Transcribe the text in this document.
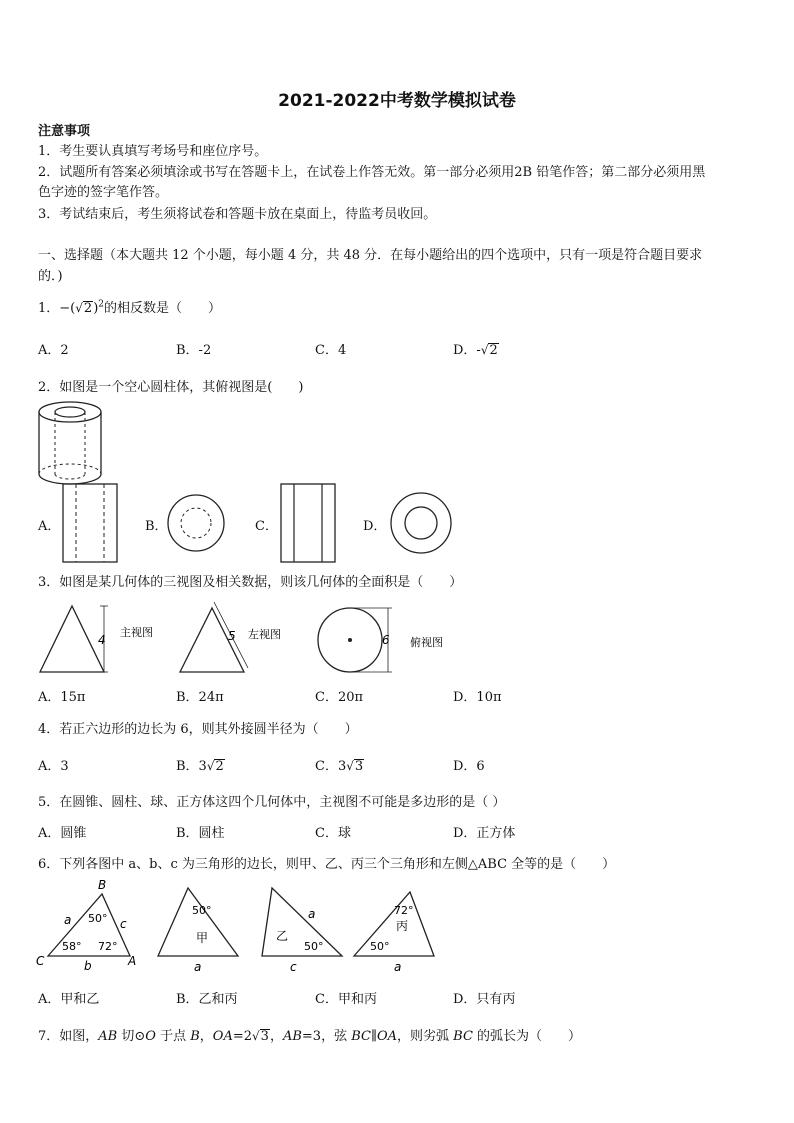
2021-2022中考数学模拟试卷
注意事项
1．考生要认真填写考场号和座位序号。
2．试题所有答案必须填涂或书写在答题卡上，在试卷上作答无效。第一部分必须用2B 铅笔作答；第二部分必须用黑
色字迹的签字笔作答。
3．考试结束后，考生须将试卷和答题卡放在桌面上，待监考员收回。
一、选择题（本大题共 12 个小题，每小题 4 分，共 48 分．在每小题给出的四个选项中，只有一项是符合题目要求
的．)
1．$-(√2)^2$的相反数是（　　）
A．2	B．-2	C．4	D．-√2
2．如图是一个空心圆柱体，其俯视图是(　　)
A．	B．	C．	D．
3．如图是某几何体的三视图及相关数据，则该几何体的全面积是（　　）
4
主视图	5 左视图	6 俯视图
A．15π	B．24π	C．20π	D．10π
4．若正六边形的边长为 6，则其外接圆半径为（　　）
A．3	B．3√2	C．3√3	D．6
5．在圆锥、圆柱、球、正方体这四个几何体中，主视图不可能是多边形的是（ ）
A．圆锥	B．圆柱	C．球	D．正方体
6．下列各图中 a、b、c 为三角形的边长，则甲、乙、丙三个三角形和左侧△ABC 全等的是（　　）
B
C	A
a	c
b
50°
58° 72°
50°
甲
a
乙
a
50°
c
72°
丙
50°
a
A．甲和乙	B．乙和丙	C．甲和丙	D．只有丙
7．如图，AB 切⊙O 于点 B，OA=2√3，AB=3，弦 BC∥OA，则劣弧 BC 的弧长为（　　）
